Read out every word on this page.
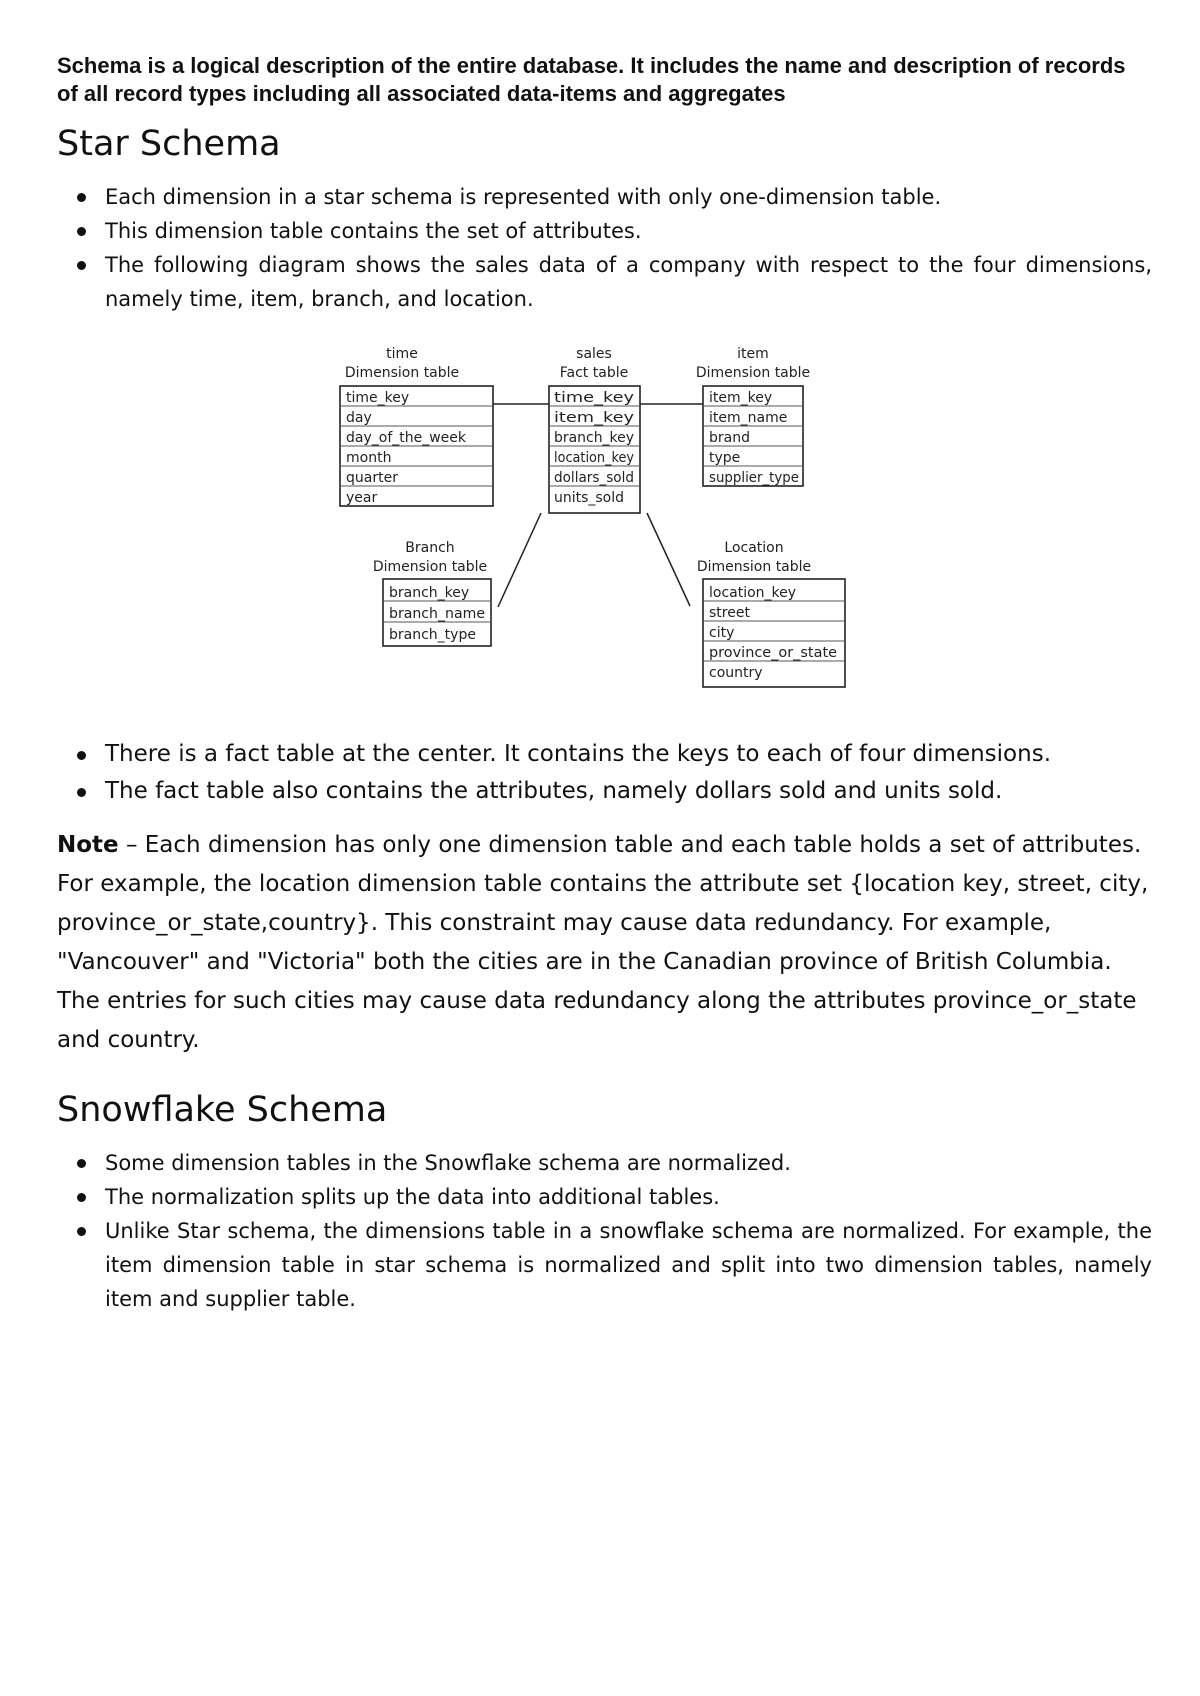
Schema is a logical description of the entire database. It includes the name and description of records of all record types including all associated data-items and aggregates

Star Schema
Each dimension in a star schema is represented with only one-dimension table.
This dimension table contains the set of attributes.
The following diagram shows the sales data of a company with respect to the four dimensions, namely time, item, branch, and location.
time
Dimension table
time_key
day
day_of_the_week
month
quarter
year
sales
Fact table
time_key
item_key
branch_key
location_key
dollars_sold
units_sold
item
Dimension table
item_key
item_name
brand
type
supplier_type
Branch
Dimension table
branch_key
branch_name
branch_type
Location
Dimension table
location_key
street
city
province_or_state
country
There is a fact table at the center. It contains the keys to each of four dimensions.
The fact table also contains the attributes, namely dollars sold and units sold.

Note – Each dimension has only one dimension table and each table holds a set of attributes. For example, the location dimension table contains the attribute set {location key, street, city, province_or_state,country}. This constraint may cause data redundancy. For example, "Vancouver" and "Victoria" both the cities are in the Canadian province of British Columbia. The entries for such cities may cause data redundancy along the attributes province_or_state and country.

Snowflake Schema
Some dimension tables in the Snowflake schema are normalized.
The normalization splits up the data into additional tables.
Unlike Star schema, the dimensions table in a snowflake schema are normalized. For example, the item dimension table in star schema is normalized and split into two dimension tables, namely item and supplier table.
